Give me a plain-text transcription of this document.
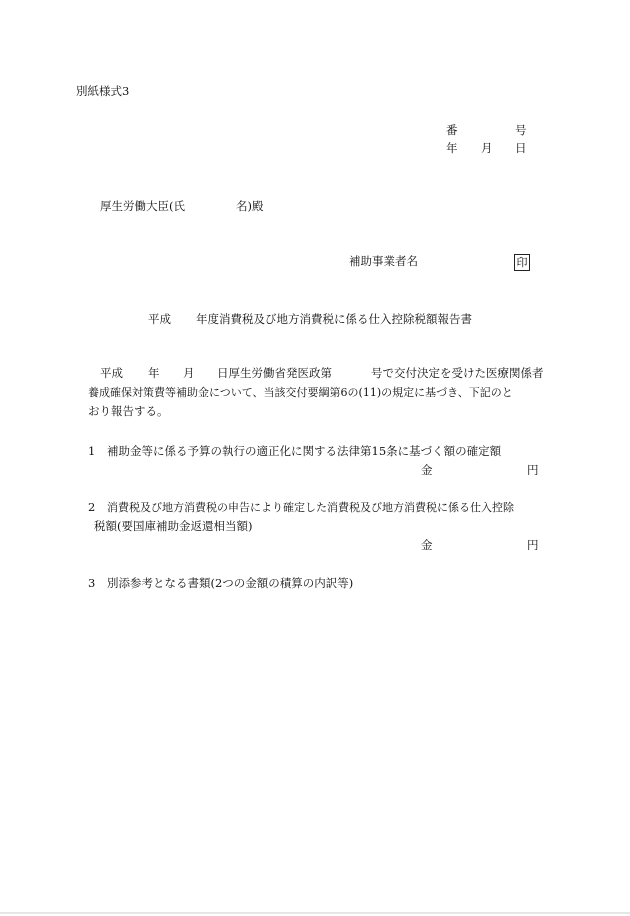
別紙様式3
番	号
年 月 日
厚生労働大臣(氏	名)殿
補助事業者名	印
平成 年度消費税及び地方消費税に係る仕入控除税額報告書
平成 年 月 日厚生労働省発医政第	号で交付決定を受けた医療関係者
養成確保対策費等補助金について、当該交付要綱第6の(11)の規定に基づき、下記のと
おり報告する。
1 補助金等に係る予算の執行の適正化に関する法律第15条に基づく額の確定額
金	円
2 消費税及び地方消費税の申告により確定した消費税及び地方消費税に係る仕入控除
税額(要国庫補助金返還相当額)
金	円
3 別添参考となる書類(2つの金額の積算の内訳等)
